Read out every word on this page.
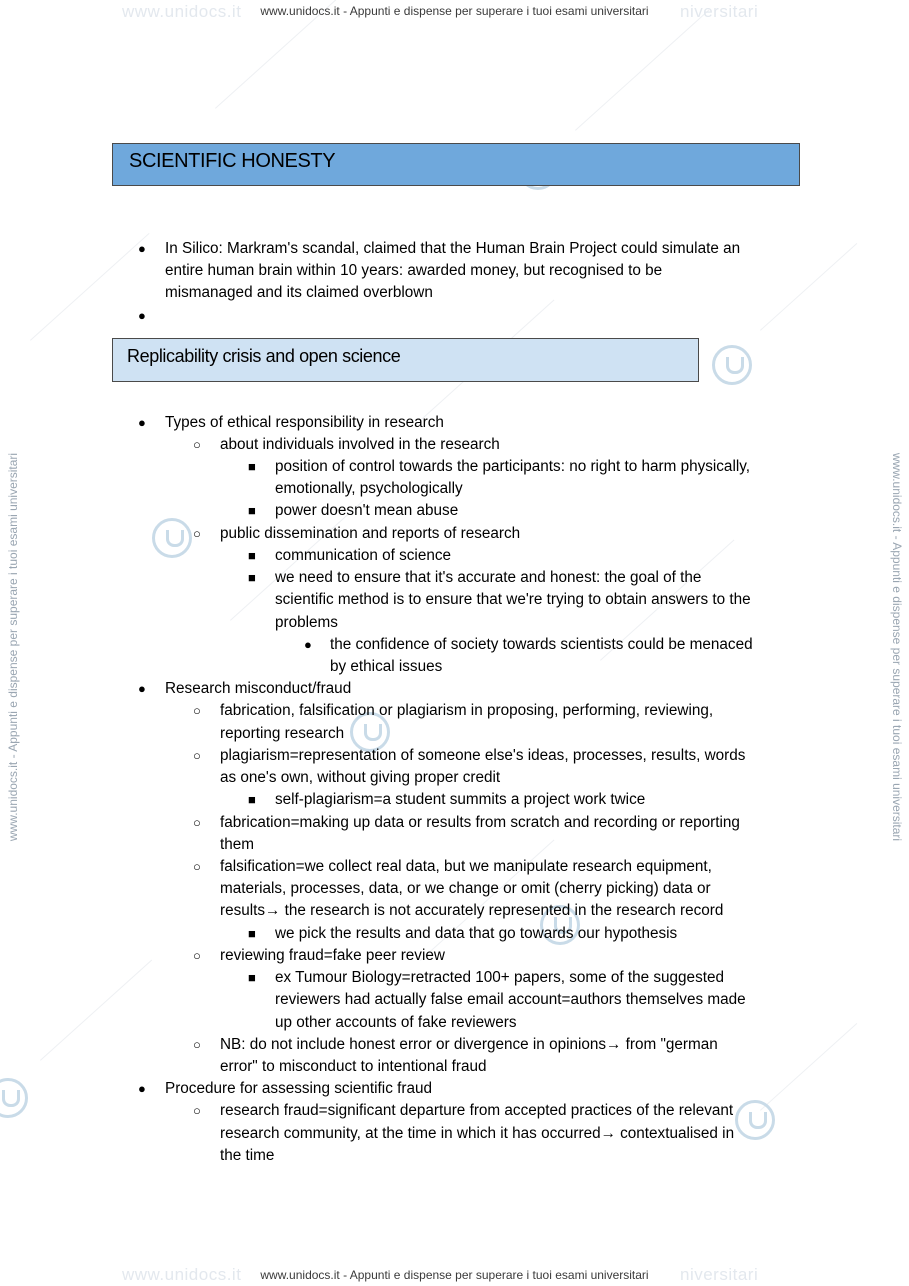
www.unidocs.it	niversitari
www.unidocs.it - Appunti e dispense per superare i tuoi esami universitari
www.unidocs.it	niversitari
www.unidocs.it - Appunti e dispense per superare i tuoi esami universitari
www.unidocs.it - Appunti e dispense per superare i tuoi esami universitari	www.unidocs.it - Appunti e dispense per superare i tuoi esami universitari
SCIENTIFIC HONESTY
● In Silico: Markram's scandal, claimed that the Human Brain Project could simulate an
entire human brain within 10 years: awarded money, but recognised to be
mismanaged and its claimed overblown
●
Replicability crisis and open science
●
○
■
■
○
■
■
●
●
○
○
■
○
○
■
○
■
○
●
○
Types of ethical responsibility in research
about individuals involved in the research
position of control towards the participants: no right to harm physically,
emotionally, psychologically
power doesn't mean abuse
public dissemination and reports of research
communication of science
we need to ensure that it's accurate and honest: the goal of the
scientific method is to ensure that we're trying to obtain answers to the
problems
the confidence of society towards scientists could be menaced
by ethical issues
Research misconduct/fraud
fabrication, falsification or plagiarism in proposing, performing, reviewing,
reporting research
plagiarism=representation of someone else's ideas, processes, results, words
as one's own, without giving proper credit
self-plagiarism=a student summits a project work twice
fabrication=making up data or results from scratch and recording or reporting
them
falsification=we collect real data, but we manipulate research equipment,
materials, processes, data, or we change or omit (cherry picking) data or
results→ the research is not accurately represented in the research record
we pick the results and data that go towards our hypothesis
reviewing fraud=fake peer review
ex Tumour Biology=retracted 100+ papers, some of the suggested
reviewers had actually false email account=authors themselves made
up other accounts of fake reviewers
NB: do not include honest error or divergence in opinions→ from "german
error" to misconduct to intentional fraud
Procedure for assessing scientific fraud
research fraud=significant departure from accepted practices of the relevant
research community, at the time in which it has occurred→ contextualised in
the time
